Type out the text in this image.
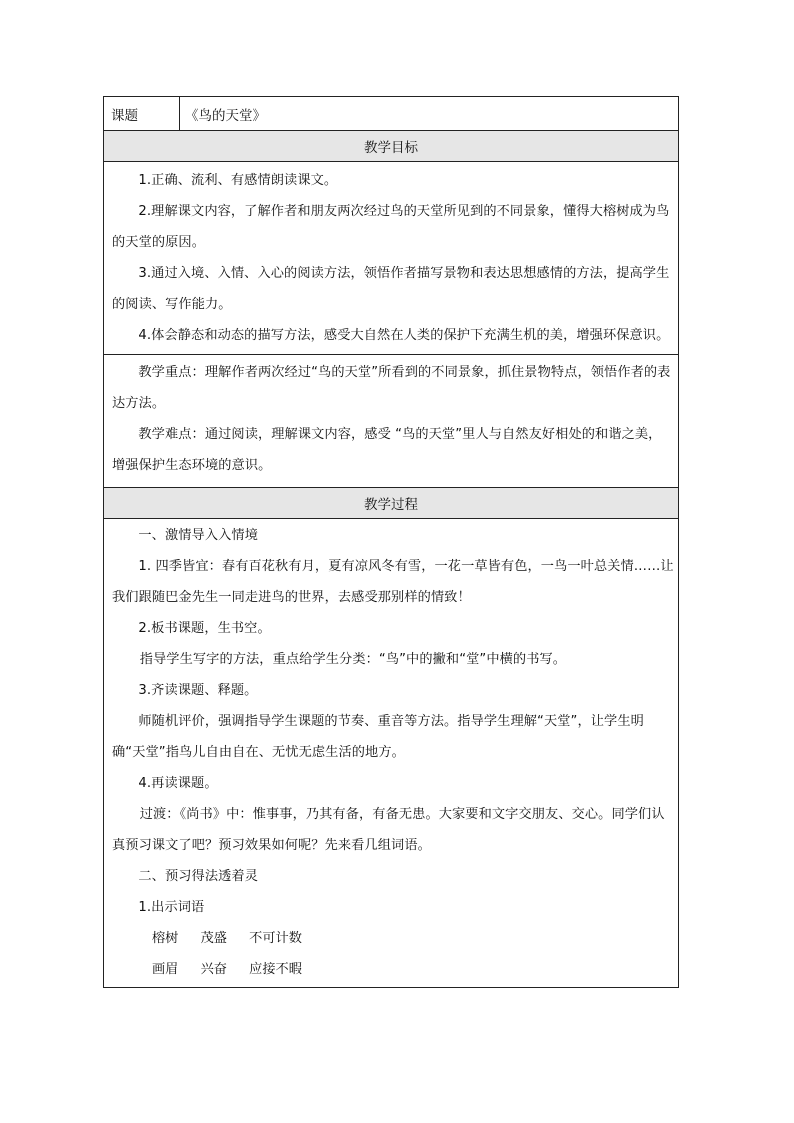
课题	《鸟的天堂》
教学目标

1.正确、流利、有感情朗读课文。

2.理解课文内容，了解作者和朋友两次经过鸟的天堂所见到的不同景象，懂得大榕树成为鸟的天堂的原因。

3.通过入境、入情、入心的阅读方法，领悟作者描写景物和表达思想感情的方法，提高学生的阅读、写作能力。

4.体会静态和动态的描写方法，感受大自然在人类的保护下充满生机的美，增强环保意识。

教学重点：理解作者两次经过“鸟的天堂”所看到的不同景象，抓住景物特点，领悟作者的表达方法。

教学难点：通过阅读，理解课文内容，感受 “鸟的天堂”里人与自然友好相处的和谐之美，增强保护生态环境的意识。

教学过程

一、激情导入入情境

1. 四季皆宜：春有百花秋有月，夏有凉风冬有雪，一花一草皆有色，一鸟一叶总关情……让我们跟随巴金先生一同走进鸟的世界，去感受那别样的情致！

2.板书课题，生书空。

指导学生写字的方法，重点给学生分类：“鸟”中的撇和“堂”中横的书写。

3.齐读课题、释题。

师随机评价，强调指导学生课题的节奏、重音等方法。指导学生理解“天堂”，让学生明确“天堂”指鸟儿自由自在、无忧无虑生活的地方。

4.再读课题。

过渡：《尚书》中：惟事事，乃其有备，有备无患。大家要和文字交朋友、交心。同学们认真预习课文了吧？预习效果如何呢？先来看几组词语。

二、预习得法透着灵

1.出示词语

榕树 茂盛 不可计数

画眉 兴奋 应接不暇
